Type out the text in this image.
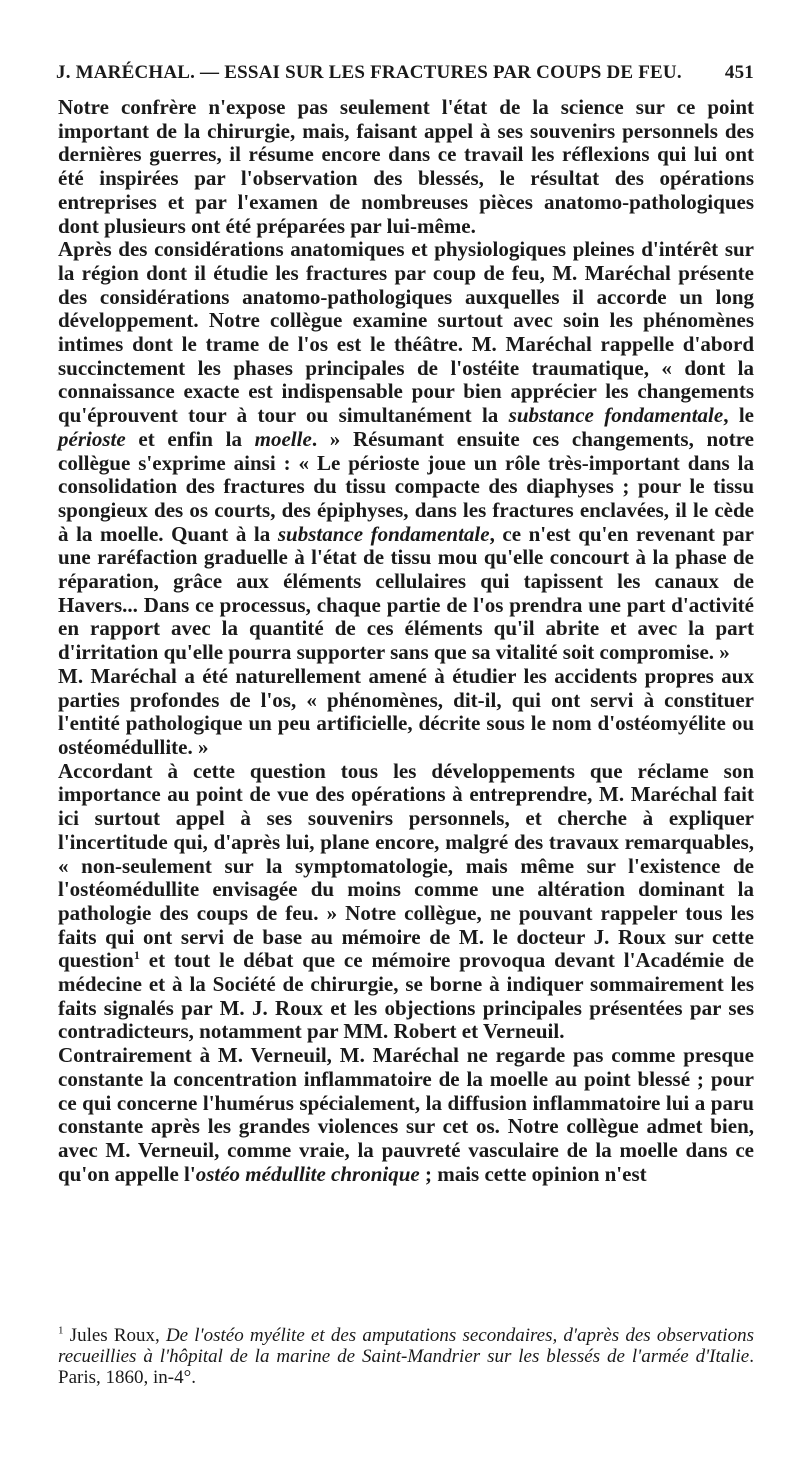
J. MARÉCHAL. — ESSAI SUR LES FRACTURES PAR COUPS DE FEU. 451

Notre confrère n'expose pas seulement l'état de la science sur ce point important de la chirurgie, mais, faisant appel à ses souvenirs personnels des dernières guerres, il résume encore dans ce travail les réflexions qui lui ont été inspirées par l'observation des blessés, le résultat des opérations entreprises et par l'examen de nombreuses pièces anatomo-pathologiques dont plusieurs ont été préparées par lui-même.

Après des considérations anatomiques et physiologiques pleines d'intérêt sur la région dont il étudie les fractures par coup de feu, M. Maréchal présente des considérations anatomo-pathologiques auxquelles il accorde un long développement. Notre collègue examine surtout avec soin les phénomènes intimes dont le trame de l'os est le théâtre. M. Maréchal rappelle d'abord succinctement les phases principales de l'ostéite traumatique, « dont la connaissance exacte est indispensable pour bien apprécier les changements qu'éprouvent tour à tour ou simultanément la substance fondamentale, le périoste et enfin la moelle. » Résumant ensuite ces changements, notre collègue s'exprime ainsi : « Le périoste joue un rôle très-important dans la consolidation des fractures du tissu compacte des diaphyses ; pour le tissu spongieux des os courts, des épiphyses, dans les fractures enclavées, il le cède à la moelle. Quant à la substance fondamentale, ce n'est qu'en revenant par une raréfaction graduelle à l'état de tissu mou qu'elle concourt à la phase de réparation, grâce aux éléments cellulaires qui tapissent les canaux de Havers... Dans ce processus, chaque partie de l'os prendra une part d'activité en rapport avec la quantité de ces éléments qu'il abrite et avec la part d'irritation qu'elle pourra supporter sans que sa vitalité soit compromise. »

M. Maréchal a été naturellement amené à étudier les accidents propres aux parties profondes de l'os, « phénomènes, dit-il, qui ont servi à constituer l'entité pathologique un peu artificielle, décrite sous le nom d'ostéomyélite ou ostéomédullite. »

Accordant à cette question tous les développements que réclame son importance au point de vue des opérations à entreprendre, M. Maréchal fait ici surtout appel à ses souvenirs personnels, et cherche à expliquer l'incertitude qui, d'après lui, plane encore, malgré des travaux remarquables, « non-seulement sur la symptomatologie, mais même sur l'existence de l'ostéomédullite envisagée du moins comme une altération dominant la pathologie des coups de feu. » Notre collègue, ne pouvant rappeler tous les faits qui ont servi de base au mémoire de M. le docteur J. Roux sur cette question$^1$ et tout le débat que ce mémoire provoqua devant l'Académie de médecine et à la Société de chirurgie, se borne à indiquer sommairement les faits signalés par M. J. Roux et les objections principales présentées par ses contradicteurs, notamment par MM. Robert et Verneuil.

Contrairement à M. Verneuil, M. Maréchal ne regarde pas comme presque constante la concentration inflammatoire de la moelle au point blessé ; pour ce qui concerne l'humérus spécialement, la diffusion inflammatoire lui a paru constante après les grandes violences sur cet os. Notre collègue admet bien, avec M. Verneuil, comme vraie, la pauvreté vasculaire de la moelle dans ce qu'on appelle l'ostéo médullite chronique ; mais cette opinion n'est

$^1$ Jules Roux, De l'ostéo myélite et des amputations secondaires, d'après des observations recueillies à l'hôpital de la marine de Saint-Mandrier sur les blessés de l'armée d'Italie. Paris, 1860, in-4°.
